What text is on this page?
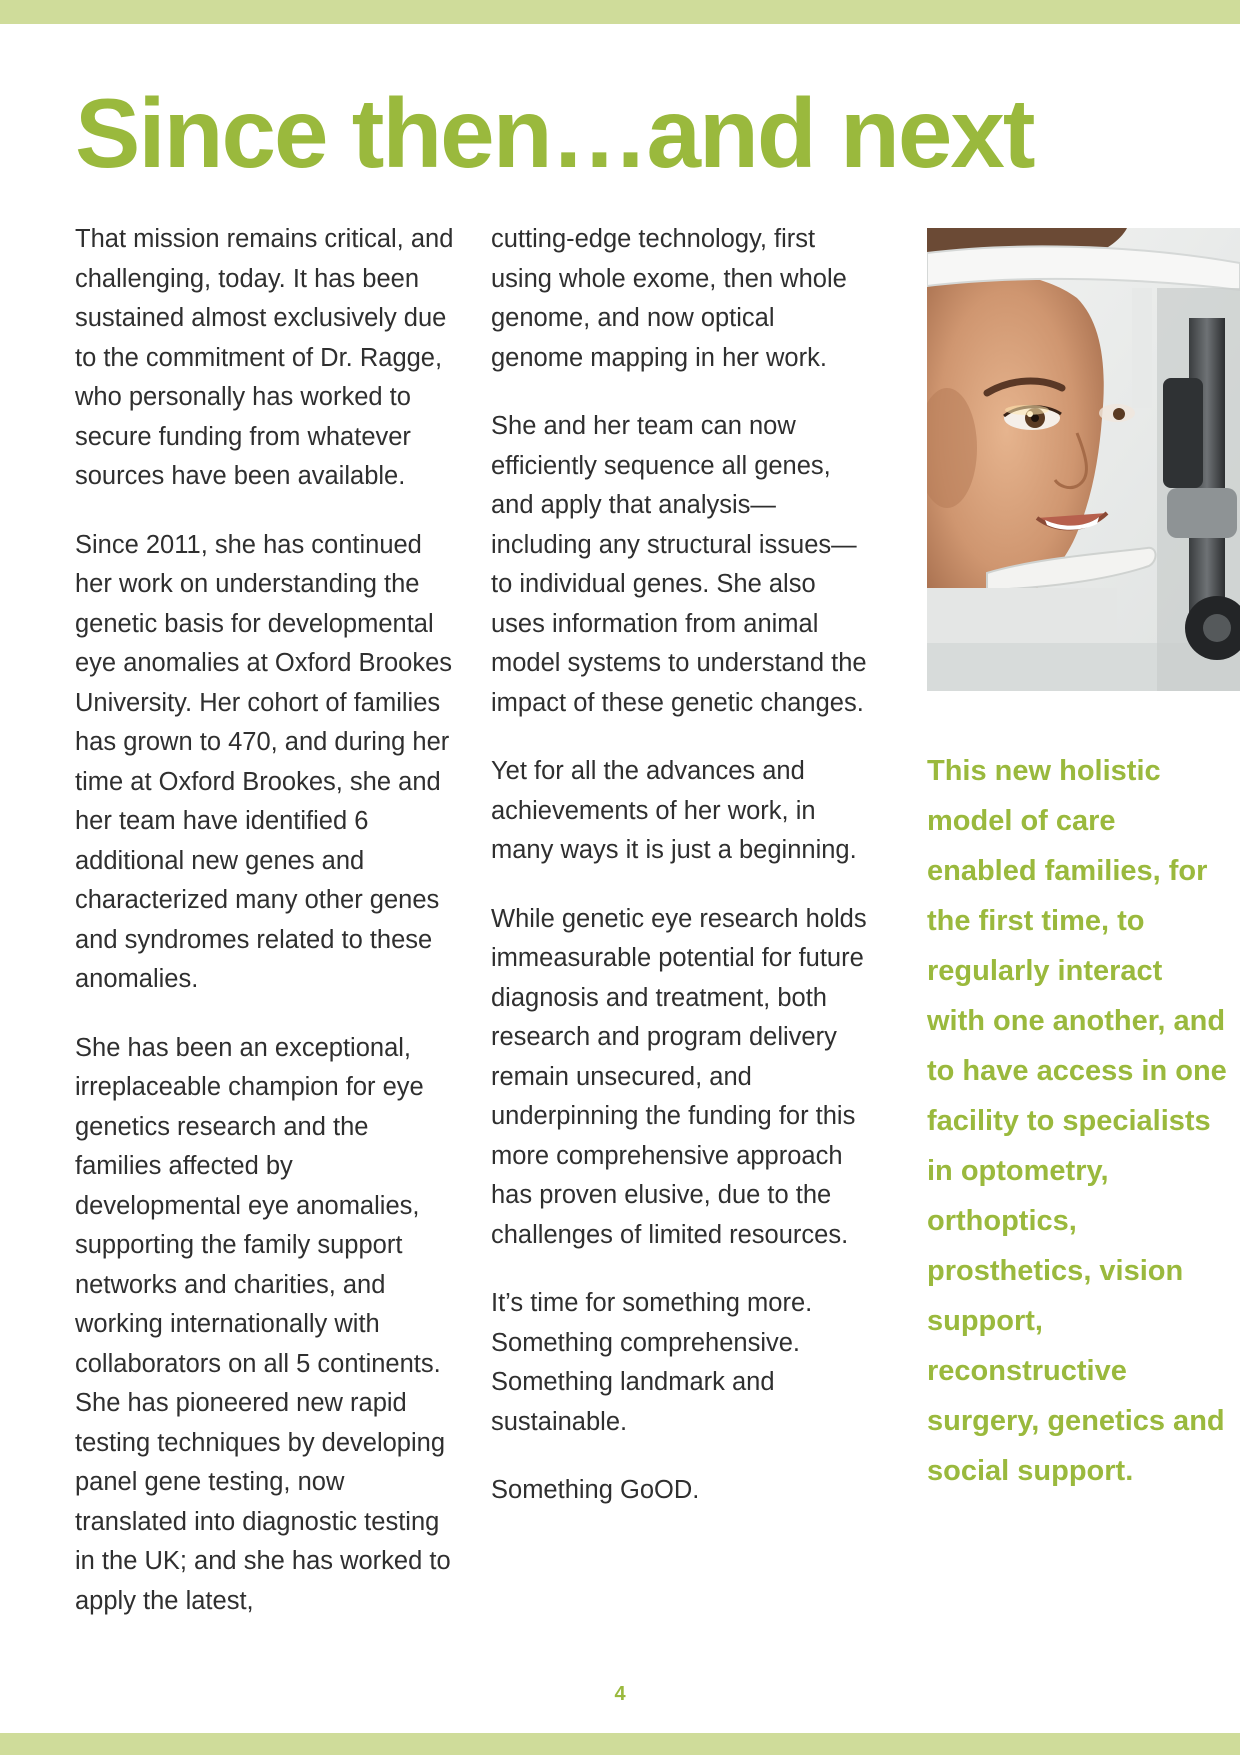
Since then…and next

That mission remains critical, and challenging, today. It has been sustained almost exclusively due to the commitment of Dr. Ragge, who personally has worked to secure funding from whatever sources have been available.

Since 2011, she has continued her work on understanding the genetic basis for developmental eye anomalies at Oxford Brookes University. Her cohort of families has grown to 470, and during her time at Oxford Brookes, she and her team have identified 6 additional new genes and characterized many other genes and syndromes related to these anomalies.

She has been an exceptional, irreplaceable champion for eye genetics research and the families affected by developmental eye anomalies, supporting the family support networks and charities, and working internationally with collaborators on all 5 continents. She has pioneered new rapid testing techniques by developing panel gene testing, now translated into diagnostic testing in the UK; and she has worked to apply the latest,

cutting-edge technology, first using whole exome, then whole genome, and now optical genome mapping in her work.

She and her team can now efficiently sequence all genes, and apply that analysis—including any structural issues—to individual genes. She also uses information from animal model systems to understand the impact of these genetic changes.

Yet for all the advances and achievements of her work, in many ways it is just a beginning.

While genetic eye research holds immeasurable potential for future diagnosis and treatment, both research and program delivery remain unsecured, and underpinning the funding for this more comprehensive approach has proven elusive, due to the challenges of limited resources.

It’s time for something more. Something comprehensive. Something landmark and sustainable.

Something GoOD.

This new holistic model of care enabled families, for the first time, to regularly interact with one another, and to have access in one facility to specialists in optometry, orthoptics, prosthetics, vision support, reconstructive surgery, genetics and social support.

4
